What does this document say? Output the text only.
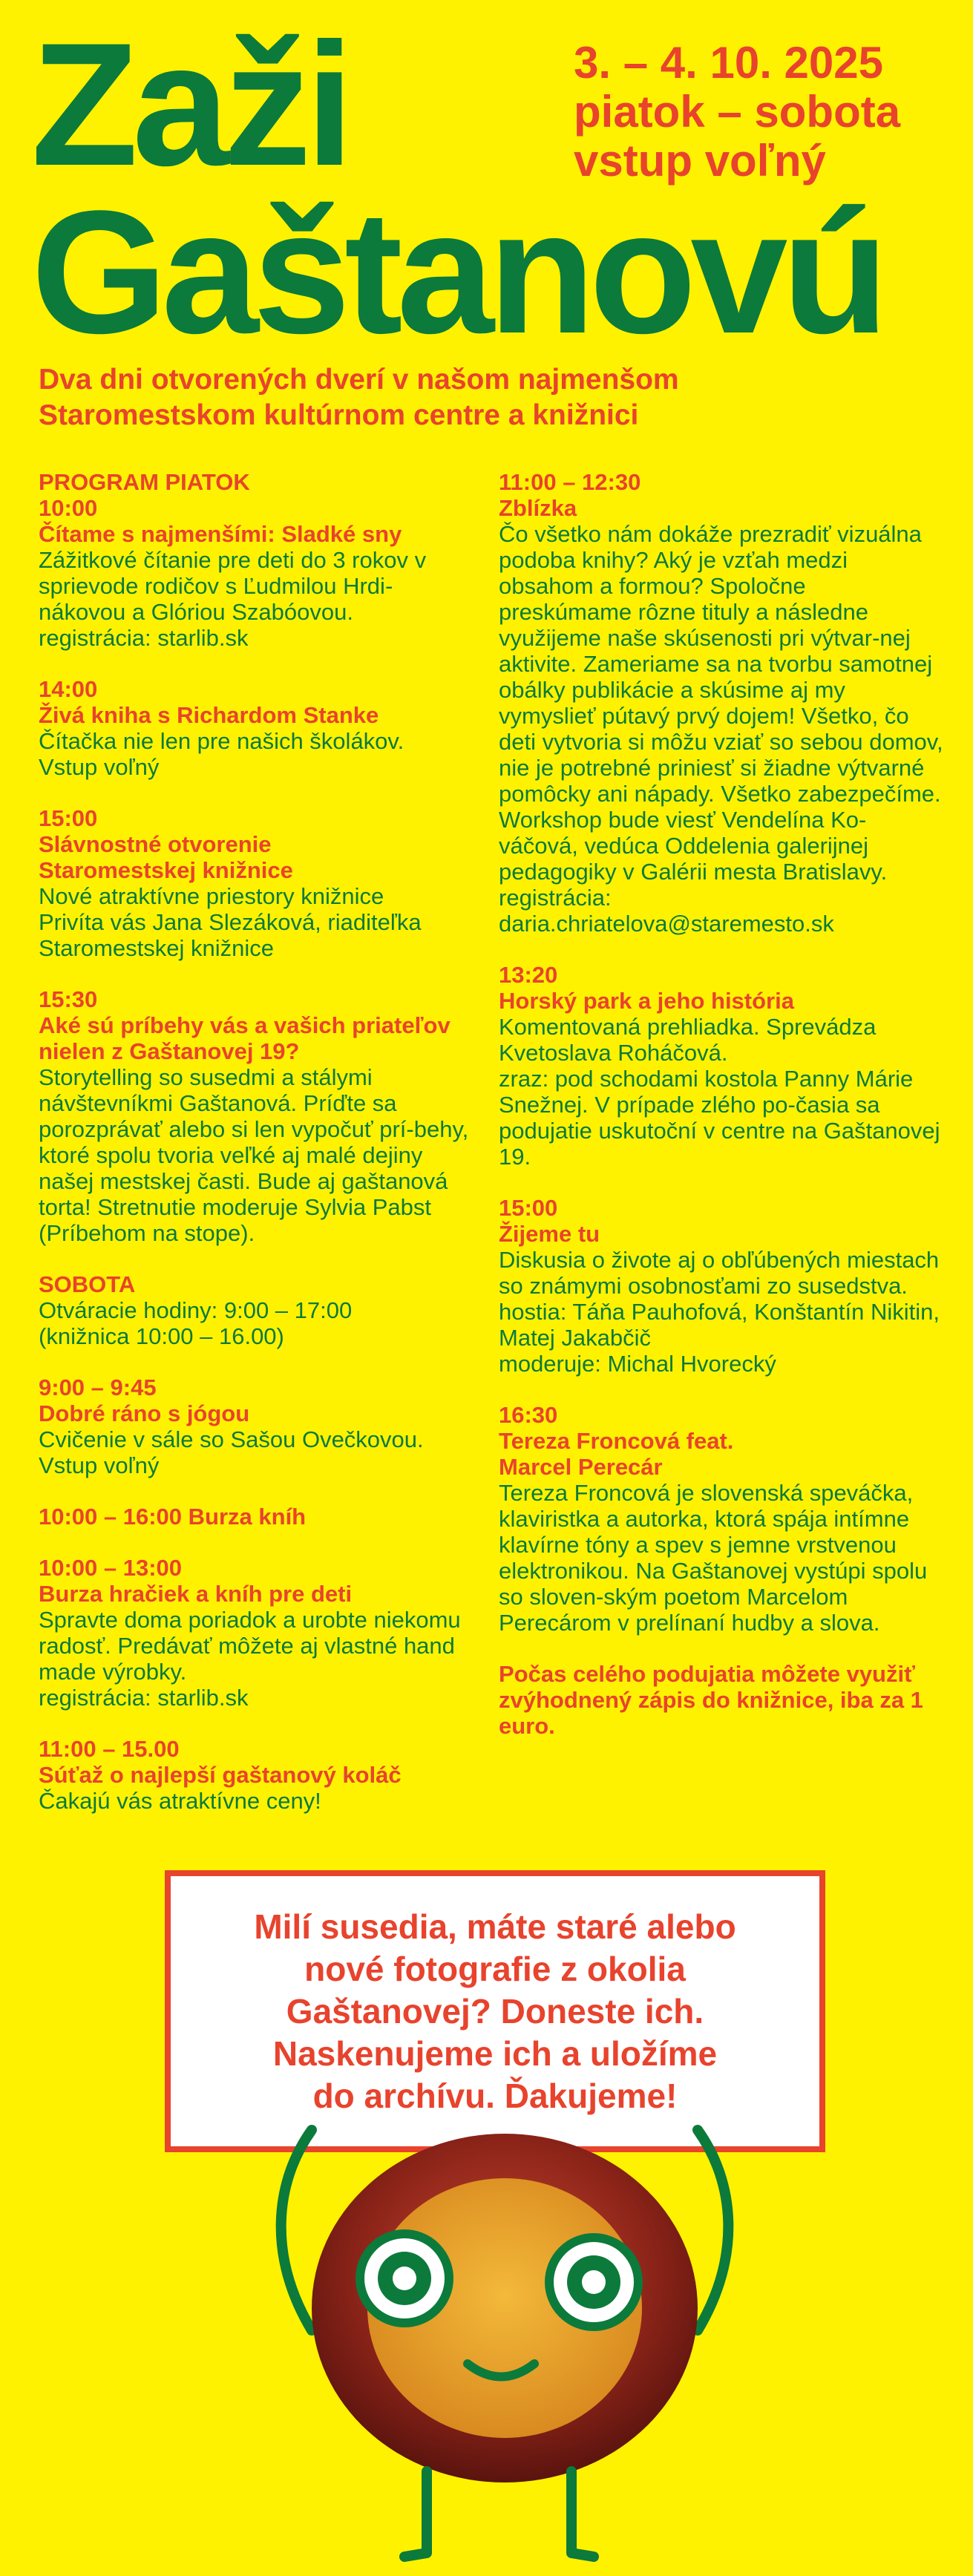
Zaži
Gaštanovú
3. – 4. 10. 2025
piatok – sobota
vstup voľný
Dva dni otvorených dverí v našom najmenšom Staromestskom kultúrnom centre a knižnici
PROGRAM PIATOK
10:00
Čítame s najmenšími: Sladké sny
Zážitkové čítanie pre deti do 3 rokov v sprievode rodičov s Ľudmilou Hrdi-nákovou a Glóriou Szabóovou.
registrácia: starlib.sk
14:00
Živá kniha s Richardom Stanke
Čítačka nie len pre našich školákov.
Vstup voľný
15:00
Slávnostné otvorenie
Staromestskej knižnice
Nové atraktívne priestory knižnice
Privíta vás Jana Slezáková, riaditeľka Staromestskej knižnice
15:30
Aké sú príbehy vás a vašich priateľov nielen z Gaštanovej 19?
Storytelling so susedmi a stálymi návštevníkmi Gaštanová. Príďte sa porozprávať alebo si len vypočuť prí-behy, ktoré spolu tvoria veľké aj malé dejiny našej mestskej časti. Bude aj gaštanová torta! Stretnutie moderuje Sylvia Pabst (Príbehom na stope).
SOBOTA
Otváracie hodiny: 9:00 – 17:00
(knižnica 10:00 – 16.00)
9:00 – 9:45
Dobré ráno s jógou
Cvičenie v sále so Sašou Ovečkovou.
Vstup voľný
10:00 – 16:00 Burza kníh
10:00 – 13:00
Burza hračiek a kníh pre deti
Spravte doma poriadok a urobte niekomu radosť. Predávať môžete aj vlastné hand made výrobky.
registrácia: starlib.sk
11:00 – 15.00
Súťaž o najlepší gaštanový koláč
Čakajú vás atraktívne ceny!
11:00 – 12:30
Zblízka
Čo všetko nám dokáže prezradiť vizuálna podoba knihy? Aký je vzťah medzi obsahom a formou? Spoločne preskúmame rôzne tituly a následne využijeme naše skúsenosti pri výtvar-nej aktivite. Zameriame sa na tvorbu samotnej obálky publikácie a skúsime aj my vymyslieť pútavý prvý dojem! Všetko, čo deti vytvoria si môžu vziať so sebou domov, nie je potrebné priniesť si žiadne výtvarné pomôcky ani nápady. Všetko zabezpečíme. Workshop bude viesť Vendelína Ko-váčová, vedúca Oddelenia galerijnej pedagogiky v Galérii mesta Bratislavy.
registrácia:
daria.chriatelova@staremesto.sk
13:20
Horský park a jeho história
Komentovaná prehliadka. Sprevádza Kvetoslava Roháčová.
zraz: pod schodami kostola Panny Márie Snežnej. V prípade zlého po-časia sa podujatie uskutoční v centre na Gaštanovej 19.
15:00
Žijeme tu
Diskusia o živote aj o obľúbených miestach so známymi osobnosťami zo susedstva.
hostia: Táňa Pauhofová, Konštantín Nikitin, Matej Jakabčič
moderuje: Michal Hvorecký
16:30
Tereza Froncová feat.
Marcel Perecár
Tereza Froncová je slovenská speváčka, klaviristka a autorka, ktorá spája intímne klavírne tóny a spev s jemne vrstvenou elektronikou. Na Gaštanovej vystúpi spolu so sloven-ským poetom Marcelom Perecárom v prelínaní hudby a slova.
Počas celého podujatia môžete využiť zvýhodnený zápis do knižnice, iba za 1 euro.
Milí susedia, máte staré alebo
nové fotografie z okolia
Gaštanovej? Doneste ich.
Naskenujeme ich a uložíme
do archívu. Ďakujeme!
